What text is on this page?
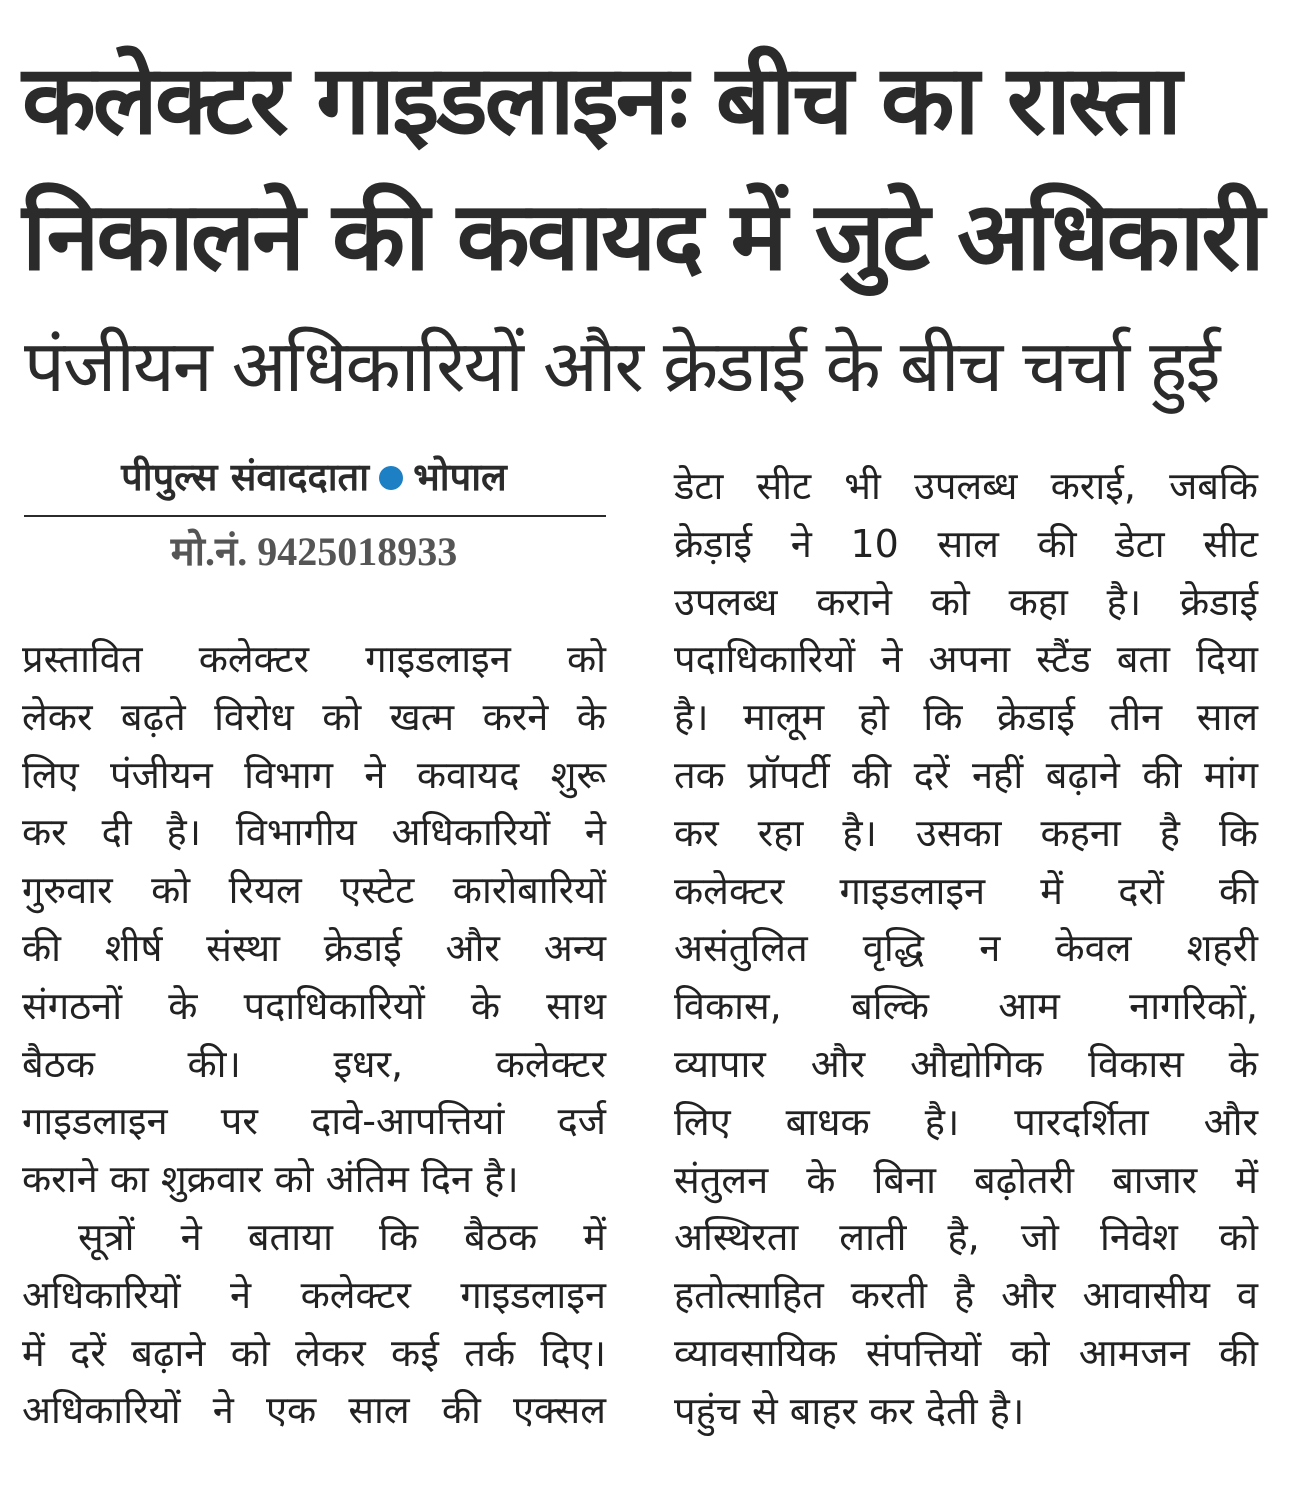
कलेक्टर गाइडलाइनः बीच का रास्ता
निकालने की कवायद में जुटे अधिकारी
पंजीयन अधिकारियों और क्रेडाई के बीच चर्चा हुई
पीपुल्स संवाददाता भोपाल
मो.नं. 9425018933
प्रस्तावित कलेक्टर गाइडलाइन को
लेकर बढ़ते विरोध को खत्म करने के
लिए पंजीयन विभाग ने कवायद शुरू
कर दी है। विभागीय अधिकारियों ने
गुरुवार को रियल एस्टेट कारोबारियों
की शीर्ष संस्था क्रेडाई और अन्य
संगठनों के पदाधिकारियों के साथ
बैठक की। इधर, कलेक्टर
गाइडलाइन पर दावे-आपत्तियां दर्ज
कराने का शुक्रवार को अंतिम दिन है।
सूत्रों ने बताया कि बैठक में
अधिकारियों ने कलेक्टर गाइडलाइन
में दरें बढ़ाने को लेकर कई तर्क दिए।
अधिकारियों ने एक साल की एक्सल
डेटा सीट भी उपलब्ध कराई, जबकि
क्रेड़ाई ने 10 साल की डेटा सीट
उपलब्ध कराने को कहा है। क्रेडाई
पदाधिकारियों ने अपना स्टैंड बता दिया
है। मालूम हो कि क्रेडाई तीन साल
तक प्रॉपर्टी की दरें नहीं बढ़ाने की मांग
कर रहा है। उसका कहना है कि
कलेक्टर गाइडलाइन में दरों की
असंतुलित वृद्धि न केवल शहरी
विकास, बल्कि आम नागरिकों,
व्यापार और औद्योगिक विकास के
लिए बाधक है। पारदर्शिता और
संतुलन के बिना बढ़ोतरी बाजार में
अस्थिरता लाती है, जो निवेश को
हतोत्साहित करती है और आवासीय व
व्यावसायिक संपत्तियों को आमजन की
पहुंच से बाहर कर देती है।
